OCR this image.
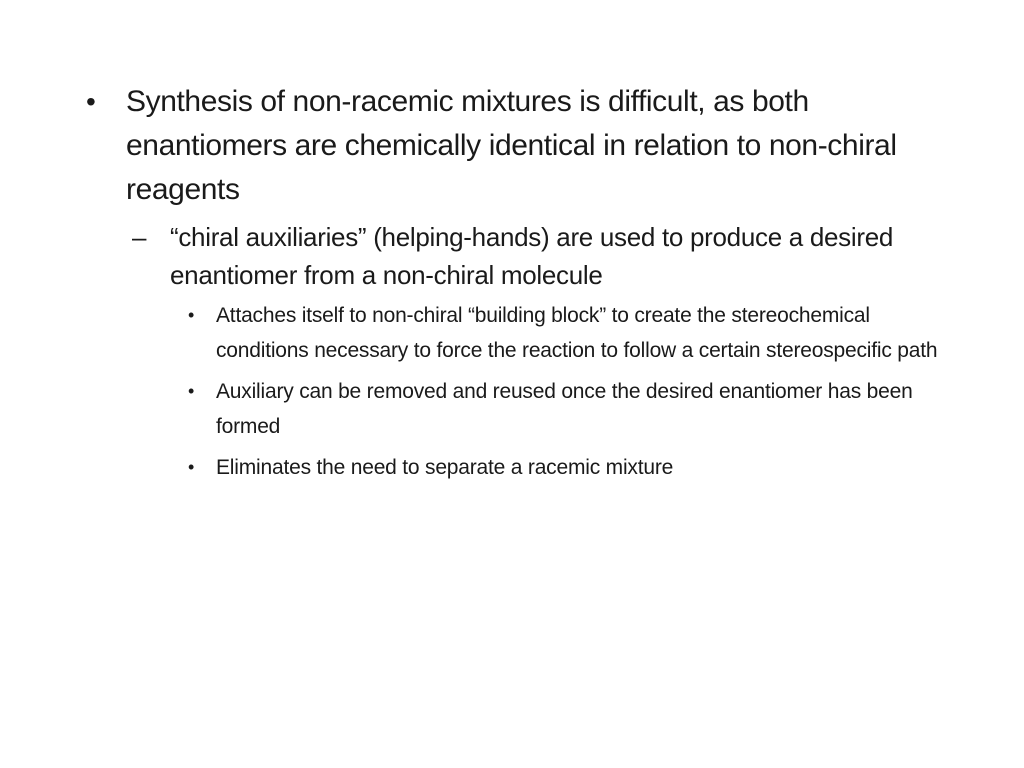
• Synthesis of non-racemic mixtures is difficult, as both enantiomers are chemically identical in relation to non-chiral reagents
– “chiral auxiliaries” (helping-hands) are used to produce a desired enantiomer from a non-chiral molecule
• Attaches itself to non-chiral “building block” to create the stereochemical conditions necessary to force the reaction to follow a certain stereospecific path
• Auxiliary can be removed and reused once the desired enantiomer has been formed
• Eliminates the need to separate a racemic mixture
